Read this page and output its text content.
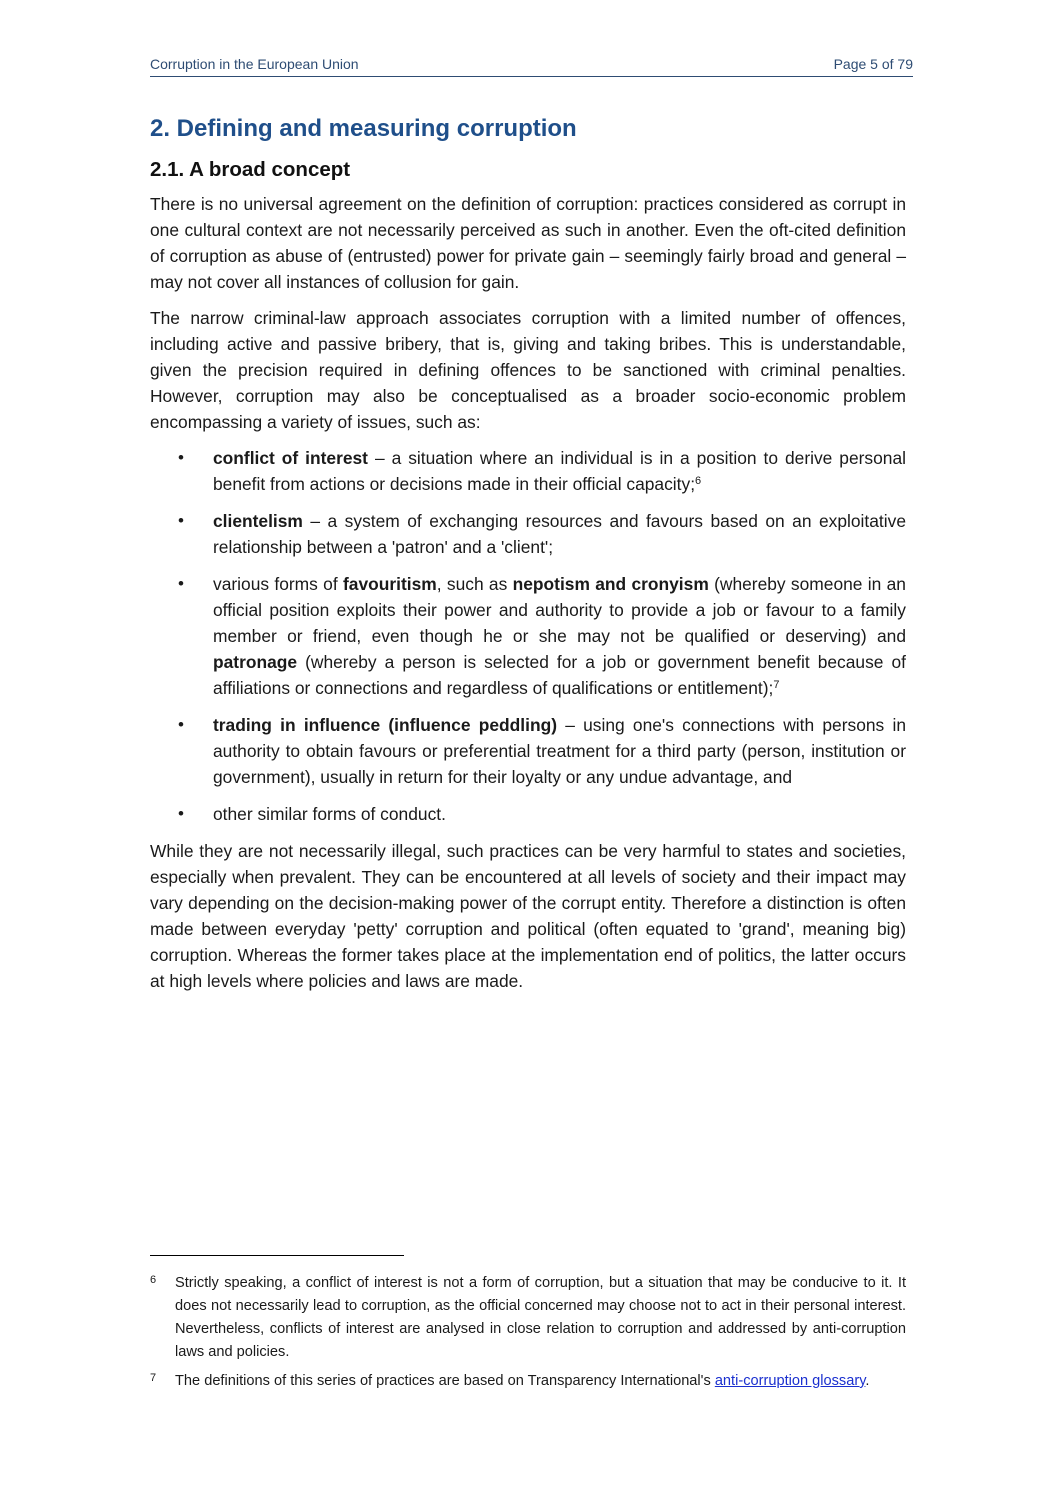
Corruption in the European Union	Page 5 of 79
2. Defining and measuring corruption
2.1. A broad concept

There is no universal agreement on the definition of corruption: practices considered as corrupt in one cultural context are not necessarily perceived as such in another. Even the oft-cited definition of corruption as abuse of (entrusted) power for private gain – seemingly fairly broad and general – may not cover all instances of collusion for gain.

The narrow criminal-law approach associates corruption with a limited number of offences, including active and passive bribery, that is, giving and taking bribes. This is understandable, given the precision required in defining offences to be sanctioned with criminal penalties. However, corruption may also be conceptualised as a broader socio-economic problem encompassing a variety of issues, such as:

• conflict of interest – a situation where an individual is in a position to derive personal benefit from actions or decisions made in their official capacity;$^6$
• clientelism – a system of exchanging resources and favours based on an exploitative relationship between a 'patron' and a 'client';
• various forms of favouritism, such as nepotism and cronyism (whereby someone in an official position exploits their power and authority to provide a job or favour to a family member or friend, even though he or she may not be qualified or deserving) and patronage (whereby a person is selected for a job or government benefit because of affiliations or connections and regardless of qualifications or entitlement);$^7$
• trading in influence (influence peddling) – using one's connections with persons in authority to obtain favours or preferential treatment for a third party (person, institution or government), usually in return for their loyalty or any undue advantage, and
• other similar forms of conduct.

While they are not necessarily illegal, such practices can be very harmful to states and societies, especially when prevalent. They can be encountered at all levels of society and their impact may vary depending on the decision-making power of the corrupt entity. Therefore a distinction is often made between everyday 'petty' corruption and political (often equated to 'grand', meaning big) corruption. Whereas the former takes place at the implementation end of politics, the latter occurs at high levels where policies and laws are made.

6 Strictly speaking, a conflict of interest is not a form of corruption, but a situation that may be conducive to it. It does not necessarily lead to corruption, as the official concerned may choose not to act in their personal interest. Nevertheless, conflicts of interest are analysed in close relation to corruption and addressed by anti-corruption laws and policies.
7 The definitions of this series of practices are based on Transparency International's anti-corruption glossary.
